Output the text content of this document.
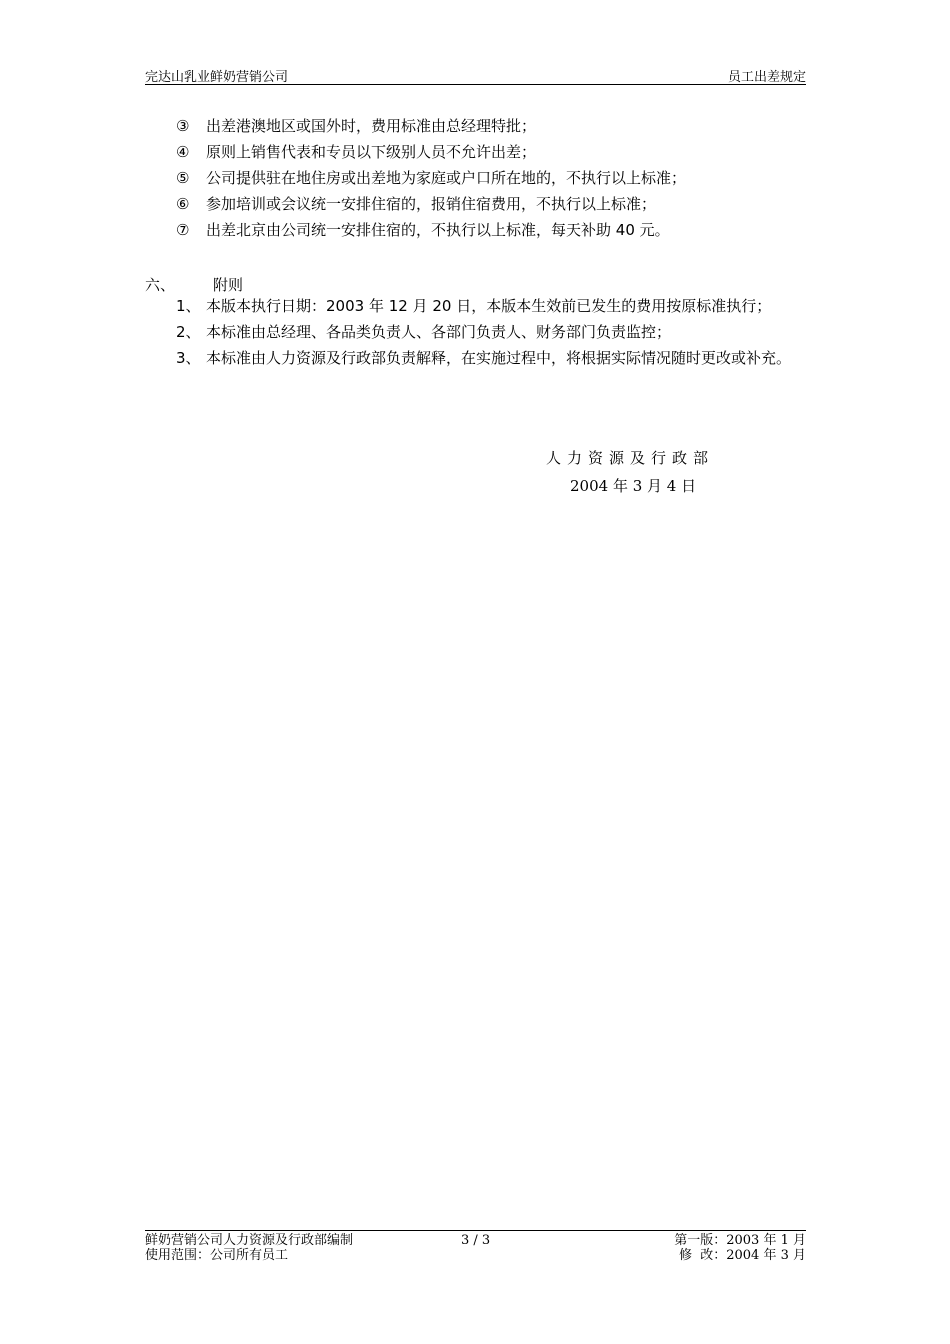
完达山乳业鲜奶营销公司	员工出差规定
③ 出差港澳地区或国外时，费用标准由总经理特批；
④ 原则上销售代表和专员以下级别人员不允许出差；
⑤ 公司提供驻在地住房或出差地为家庭或户口所在地的，不执行以上标准；
⑥ 参加培训或会议统一安排住宿的，报销住宿费用，不执行以上标准；
⑦ 出差北京由公司统一安排住宿的，不执行以上标准，每天补助 40 元。
六、	附则
1、 本版本执行日期：2003 年 12 月 20 日，本版本生效前已发生的费用按原标准执行；
2、 本标准由总经理、各品类负责人、各部门负责人、财务部门负责监控；
3、 本标准由人力资源及行政部负责解释，在实施过程中，将根据实际情况随时更改或补充。
人力资源及行政部
2004 年 3 月 4 日
鲜奶营销公司人力资源及行政部编制	3 / 3	第一版：2003 年 1 月
使用范围：公司所有员工	修  改：2004 年 3 月
